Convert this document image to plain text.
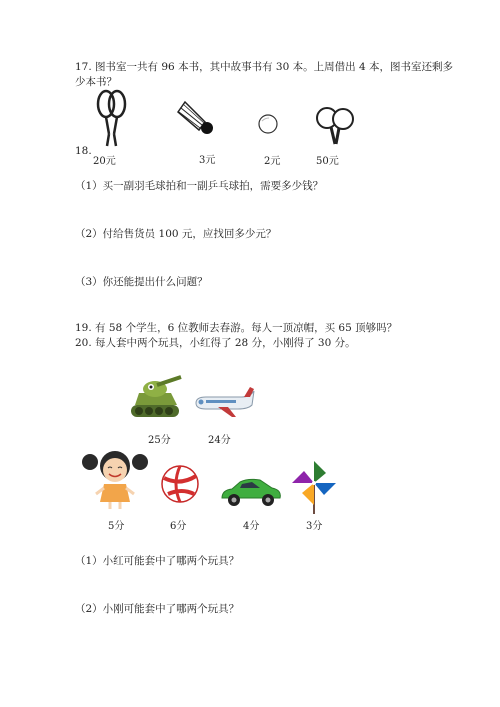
17. 图书室一共有 96 本书，其中故事书有 30 本。上周借出 4 本，图书室还剩多
少本书？
18.
20元	3元	2元	50元
（1）买一副羽毛球拍和一副乒乓球拍，需要多少钱？
（2）付给售货员 100 元，应找回多少元？
（3）你还能提出什么问题？
19. 有 58 个学生，6 位教师去春游。每人一顶凉帽，买 65 顶够吗？
20. 每人套中两个玩具，小红得了 28 分，小刚得了 30 分。
25分	24分
5分	6分	4分	3分
（1）小红可能套中了哪两个玩具？
（2）小刚可能套中了哪两个玩具？
